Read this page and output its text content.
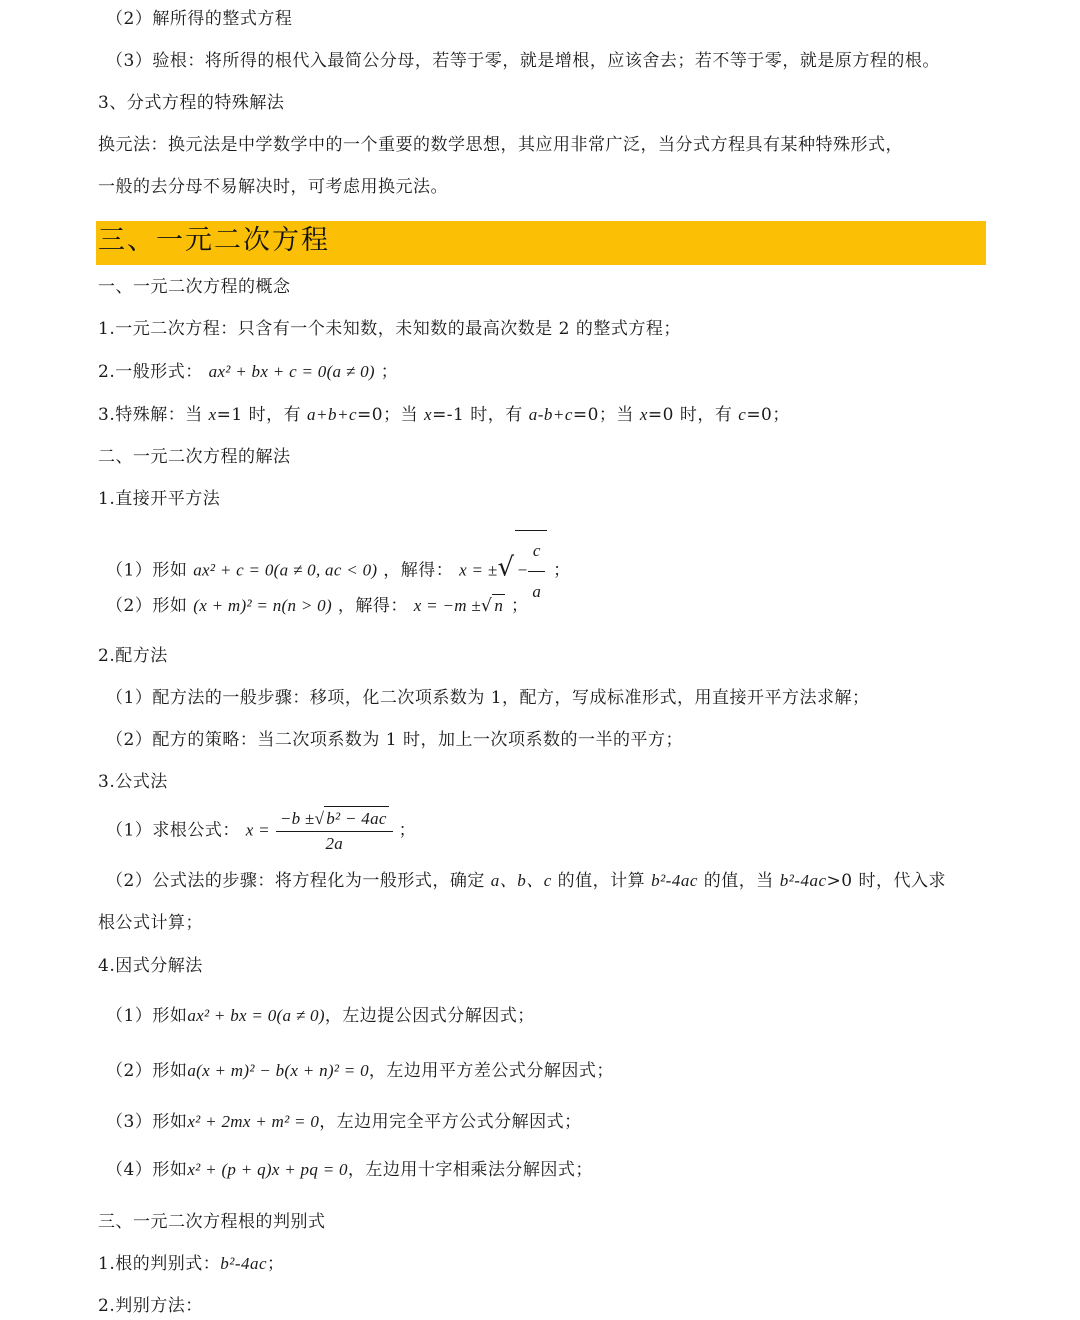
（2）解所得的整式方程
（3）验根：将所得的根代入最简公分母，若等于零，就是增根，应该舍去；若不等于零，就是原方程的根。
3、分式方程的特殊解法
换元法：换元法是中学数学中的一个重要的数学思想，其应用非常广泛，当分式方程具有某种特殊形式，
一般的去分母不易解决时，可考虑用换元法。
三、一元二次方程
一、一元二次方程的概念
1.一元二次方程：只含有一个未知数，未知数的最高次数是 2 的整式方程；
2.一般形式： ax² + bx + c = 0(a ≠ 0) ；
3.特殊解：当 x=1 时，有 a+b+c=0；当 x=-1 时，有 a-b+c=0；当 x=0 时，有 c=0；
二、一元二次方程的解法
1.直接开平方法
（1）形如 ax² + c = 0(a ≠ 0, ac < 0) ，解得： x = ±√ − $\frac{c}{a}$ ；
（2）形如 (x + m)² = n(n > 0) ，解得： x = −m ±√ n ；
2.配方法
（1）配方法的一般步骤：移项，化二次项系数为 1，配方，写成标准形式，用直接开平方法求解；
（2）配方的策略：当二次项系数为 1 时，加上一次项系数的一半的平方；
3.公式法
（1）求根公式： $x = \frac{\text{−b ±√ b² − 4ac}}{2a}$ ；
（2）公式法的步骤：将方程化为一般形式，确定 a、b、c 的值，计算 b²-4ac 的值，当 b²-4ac>0 时，代入求
根公式计算；
4.因式分解法
（1）形如ax² + bx = 0(a ≠ 0)，左边提公因式分解因式；
（2）形如a(x + m)² − b(x + n)² = 0，左边用平方差公式分解因式；
（3）形如x² + 2mx + m² = 0，左边用完全平方公式分解因式；
（4）形如x² + (p + q)x + pq = 0，左边用十字相乘法分解因式；
三、一元二次方程根的判别式
1.根的判别式：b²-4ac；
2.判别方法：
